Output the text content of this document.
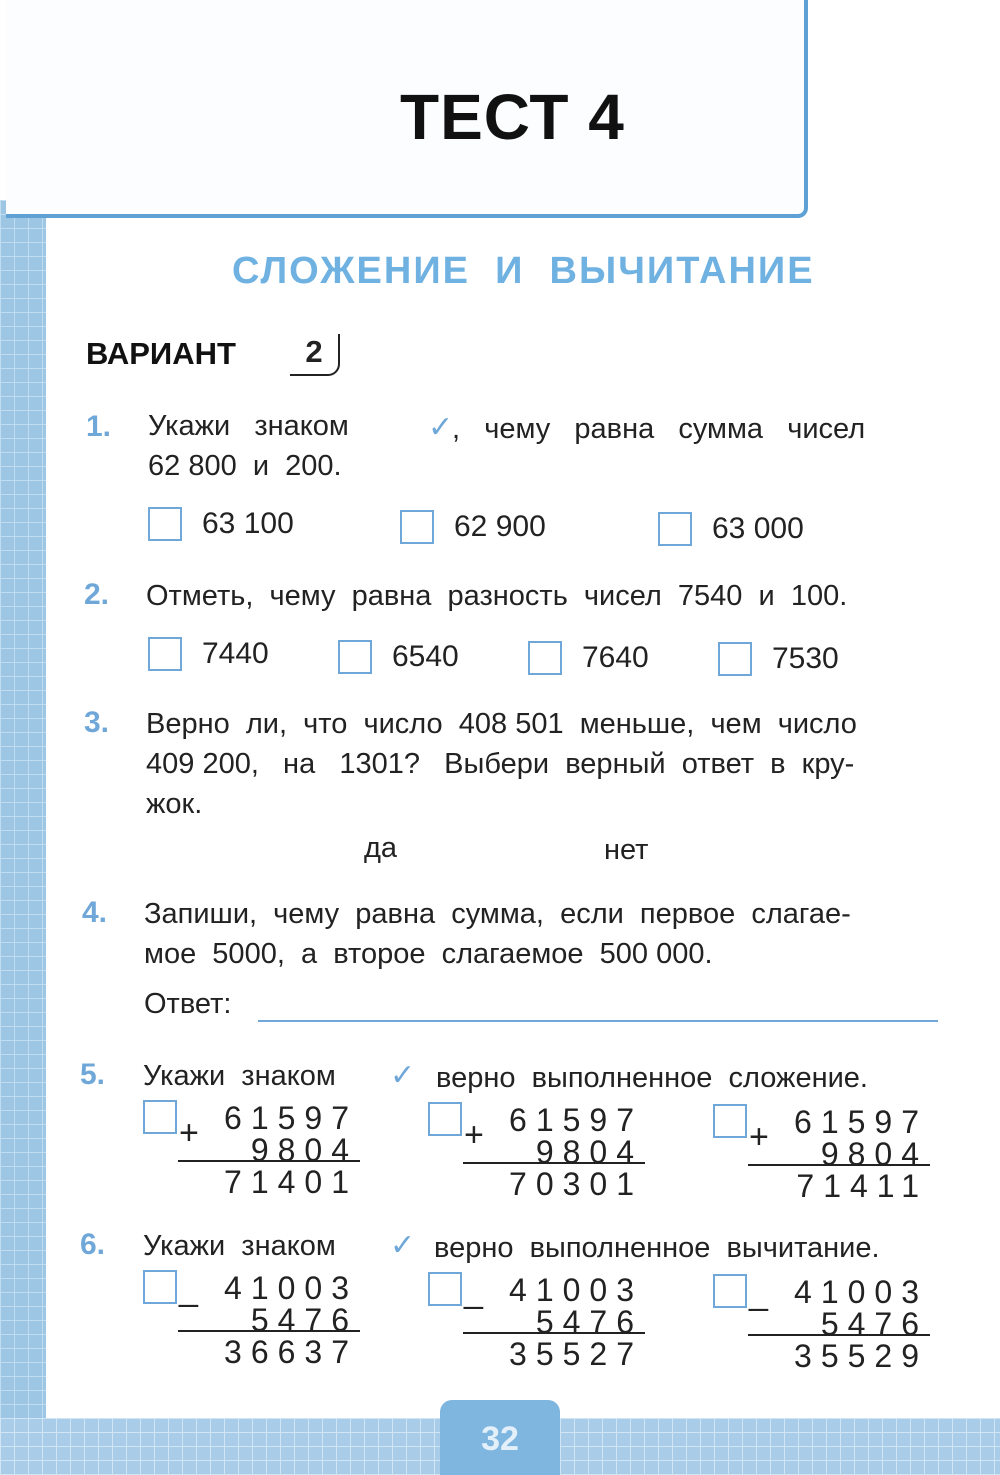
32
ТЕСТ 4
СЛОЖЕНИЕ  И  ВЫЧИТАНИЕ
ВАРИАНТ	2
1. Укажи   знаком	✓
,   чему   равна   сумма   чисел
62 800  и  200.
63 100	62 900	63 000
2. Отметь,  чему  равна  разность  чисел  7540  и  100.
7440	6540	7640	7530
3. Верно  ли,  что  число  408 501  меньше,  чем  число
409 200,   на   1301?   Выбери  верный  ответ  в  кру-
жок.
да	нет
4. Запиши,  чему  равна  сумма,  если  первое  слагае-
мое  5000,  а  второе  слагаемое  500 000.
Ответ:
5. Укажи  знаком ✓ верно  выполненное  сложение.
+ 61597
9804
71401
+ 61597
9804
70301
+ 61597
9804
71411
6. Укажи  знаком ✓ верно  выполненное  вычитание.
_ 41003
5476
36637
_ 41003
5476
35527
_ 41003
5476
35529
